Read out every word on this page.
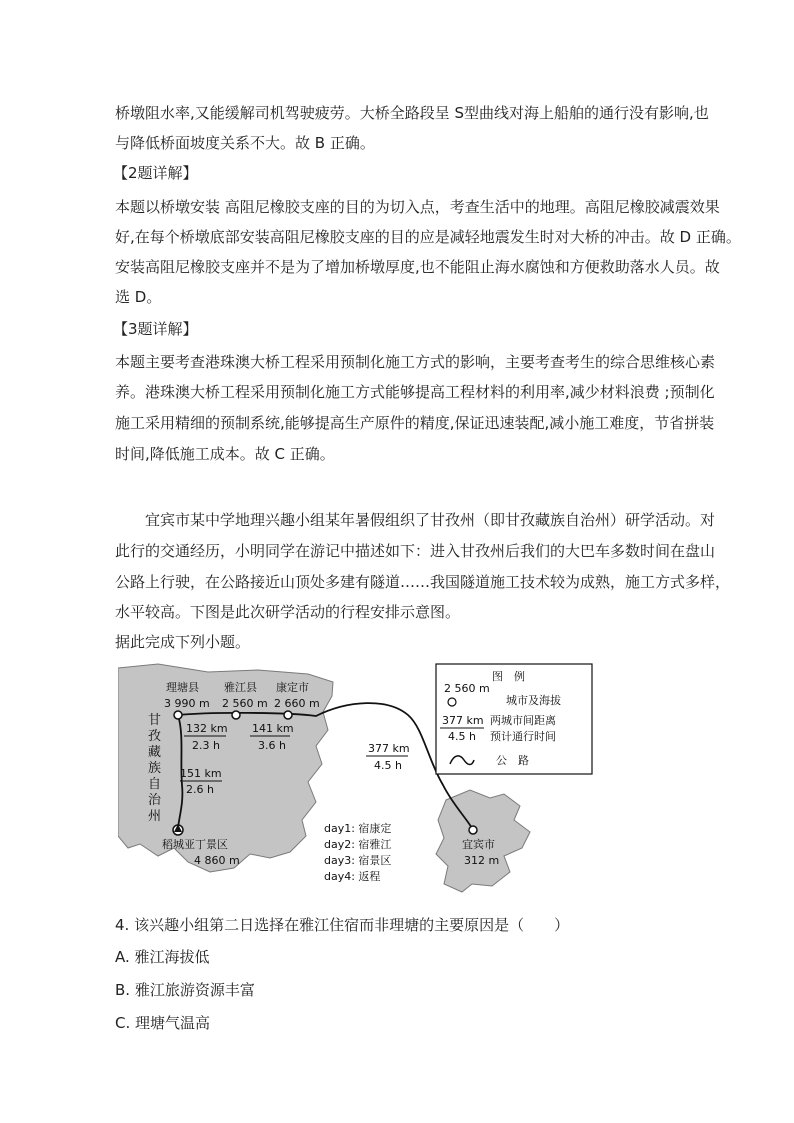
桥墩阻水率,又能缓解司机驾驶疲劳。大桥全路段呈 S型曲线对海上船舶的通行没有影响,也
与降低桥面坡度关系不大。故 B 正确。
【2题详解】
本题以桥墩安装 高阻尼橡胶支座的目的为切入点，考查生活中的地理。高阻尼橡胶减震效果
好,在每个桥墩底部安装高阻尼橡胶支座的目的应是减轻地震发生时对大桥的冲击。故 D 正确。
安装高阻尼橡胶支座并不是为了增加桥墩厚度,也不能阻止海水腐蚀和方便救助落水人员。故
选 D。
【3题详解】
本题主要考查港珠澳大桥工程采用预制化施工方式的影响，主要考查考生的综合思维核心素
养。港珠澳大桥工程采用预制化施工方式能够提高工程材料的利用率,减少材料浪费 ;预制化
施工采用精细的预制系统,能够提高生产原件的精度,保证迅速装配,减小施工难度，节省拼装
时间,降低施工成本。故 C 正确。
宜宾市某中学地理兴趣小组某年暑假组织了甘孜州（即甘孜藏族自治州）研学活动。对
此行的交通经历，小明同学在游记中描述如下：进入甘孜州后我们的大巴车多数时间在盘山
公路上行驶，在公路接近山顶处多建有隧道……我国隧道施工技术较为成熟，施工方式多样，
水平较高。下图是此次研学活动的行程安排示意图。
据此完成下列小题。
理塘县
3 990 m
雅江县
2 560 m
康定市
2 660 m
稻城亚丁景区
4 860 m
宜宾市
312 m
132 km
2.3 h
141 km
3.6 h
151 km
2.6 h
377 km
4.5 h
甘
孜
藏
族
自
治
州
day1: 宿康定
day2: 宿雅江
day3: 宿景区
day4: 返程
图　例
2 560 m
城市及海拔
377 km
4.5 h
两城市间距离
预计通行时间
公　路
4. 该兴趣小组第二日选择在雅江住宿而非理塘的主要原因是（　　）
A. 雅江海拔低
B. 雅江旅游资源丰富
C. 理塘气温高
